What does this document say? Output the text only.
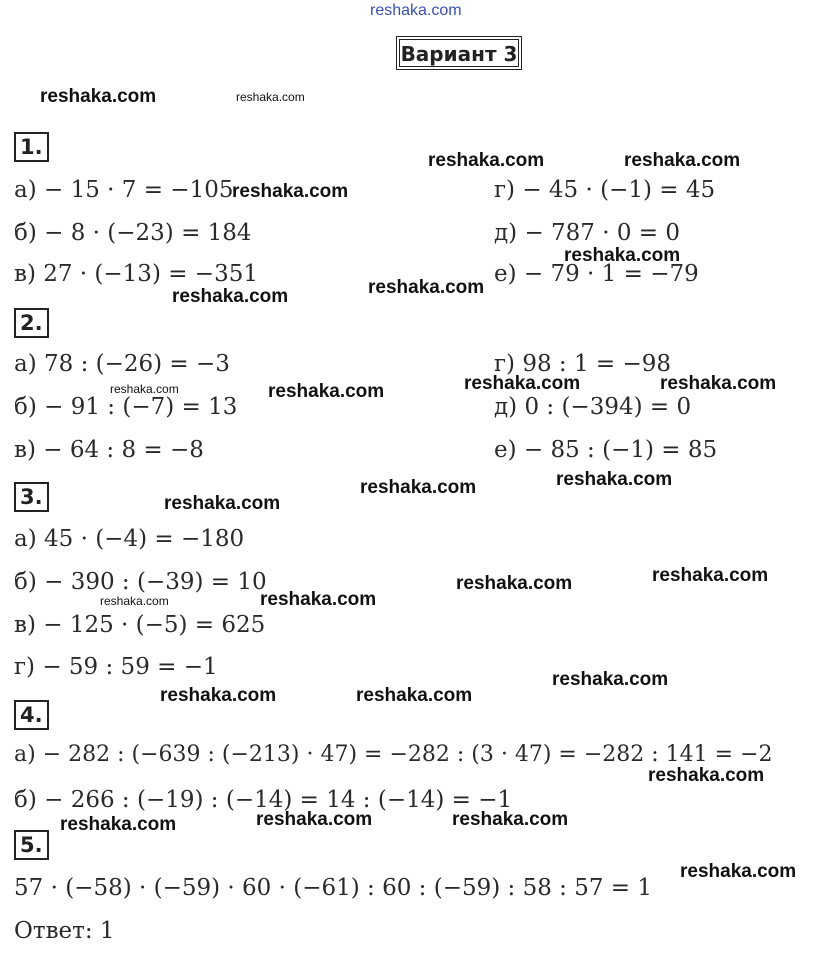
reshaka.com
Вариант 3
1.
а) − 15 · 7 = −105
б) − 8 · (−23) = 184
в) 27 · (−13) = −351
г) − 45 · (−1) = 45
д) − 787 · 0 = 0
е) − 79 · 1 = −79
2.
а) 78 : (−26) = −3
б) − 91 : (−7) = 13
в) − 64 : 8 = −8
г) 98 : 1 = −98
д) 0 : (−394) = 0
е) − 85 : (−1) = 85
3.
а) 45 · (−4) = −180
б) − 390 : (−39) = 10
в) − 125 · (−5) = 625
г) − 59 : 59 = −1
4.
а) − 282 : (−639 : (−213) · 47) = −282 : (3 · 47) = −282 : 141 = −2
б) − 266 : (−19) : (−14) = 14 : (−14) = −1
5.
57 · (−58) · (−59) · 60 · (−61) : 60 : (−59) : 58 : 57 = 1
Ответ: 1
reshaka.com	reshaka.com
reshaka.com	reshaka.com
reshaka.com
reshaka.com
reshaka.com
reshaka.com
reshaka.com	reshaka.com	reshaka.com	reshaka.com
reshaka.com
reshaka.com
reshaka.com
reshaka.com
reshaka.com
reshaka.com	reshaka.com
reshaka.com
reshaka.com
reshaka.com
reshaka.com
reshaka.com	reshaka.com	reshaka.com
reshaka.com
